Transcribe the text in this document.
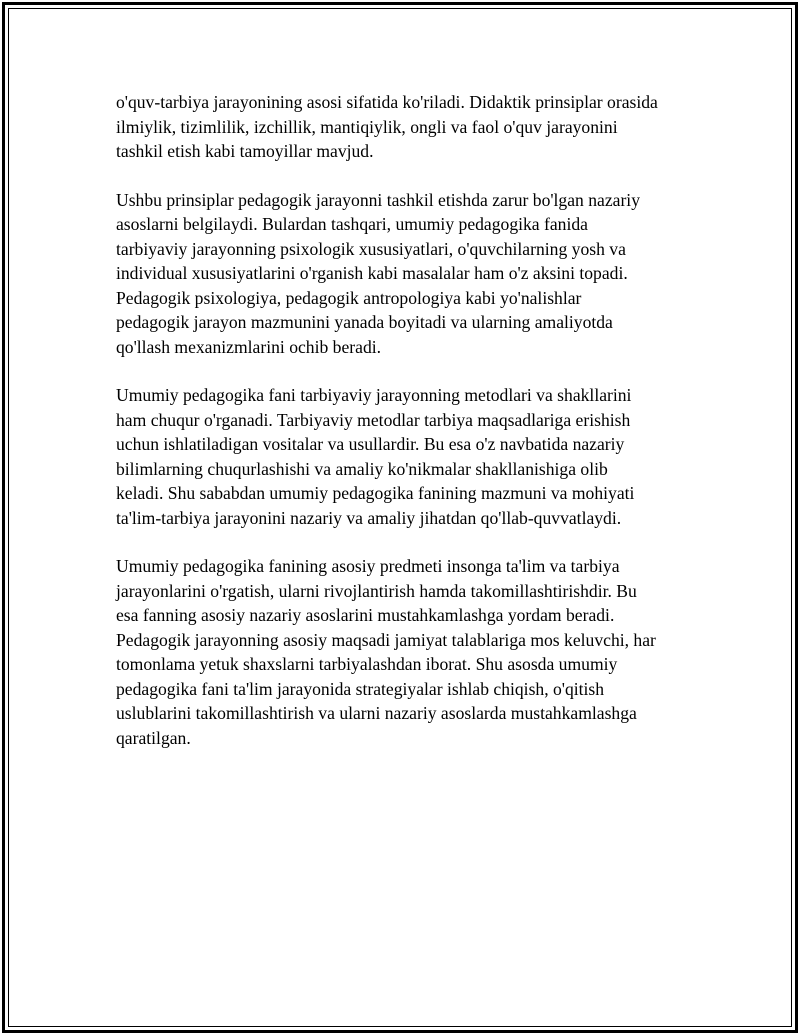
o'quv-tarbiya jarayonining asosi sifatida ko'riladi. Didaktik prinsiplar orasida
ilmiylik, tizimlilik, izchillik, mantiqiylik, ongli va faol o'quv jarayonini
tashkil etish kabi tamoyillar mavjud.

Ushbu prinsiplar pedagogik jarayonni tashkil etishda zarur bo'lgan nazariy
asoslarni belgilaydi. Bulardan tashqari, umumiy pedagogika fanida
tarbiyaviy jarayonning psixologik xususiyatlari, o'quvchilarning yosh va
individual xususiyatlarini o'rganish kabi masalalar ham o'z aksini topadi.
Pedagogik psixologiya, pedagogik antropologiya kabi yo'nalishlar
pedagogik jarayon mazmunini yanada boyitadi va ularning amaliyotda
qo'llash mexanizmlarini ochib beradi.

Umumiy pedagogika fani tarbiyaviy jarayonning metodlari va shakllarini
ham chuqur o'rganadi. Tarbiyaviy metodlar tarbiya maqsadlariga erishish
uchun ishlatiladigan vositalar va usullardir. Bu esa o'z navbatida nazariy
bilimlarning chuqurlashishi va amaliy ko'nikmalar shakllanishiga olib
keladi. Shu sababdan umumiy pedagogika fanining mazmuni va mohiyati
ta'lim-tarbiya jarayonini nazariy va amaliy jihatdan qo'llab-quvvatlaydi.

Umumiy pedagogika fanining asosiy predmeti insonga ta'lim va tarbiya
jarayonlarini o'rgatish, ularni rivojlantirish hamda takomillashtirishdir. Bu
esa fanning asosiy nazariy asoslarini mustahkamlashga yordam beradi.
Pedagogik jarayonning asosiy maqsadi jamiyat talablariga mos keluvchi, har
tomonlama yetuk shaxslarni tarbiyalashdan iborat. Shu asosda umumiy
pedagogika fani ta'lim jarayonida strategiyalar ishlab chiqish, o'qitish
uslublarini takomillashtirish va ularni nazariy asoslarda mustahkamlashga
qaratilgan.
